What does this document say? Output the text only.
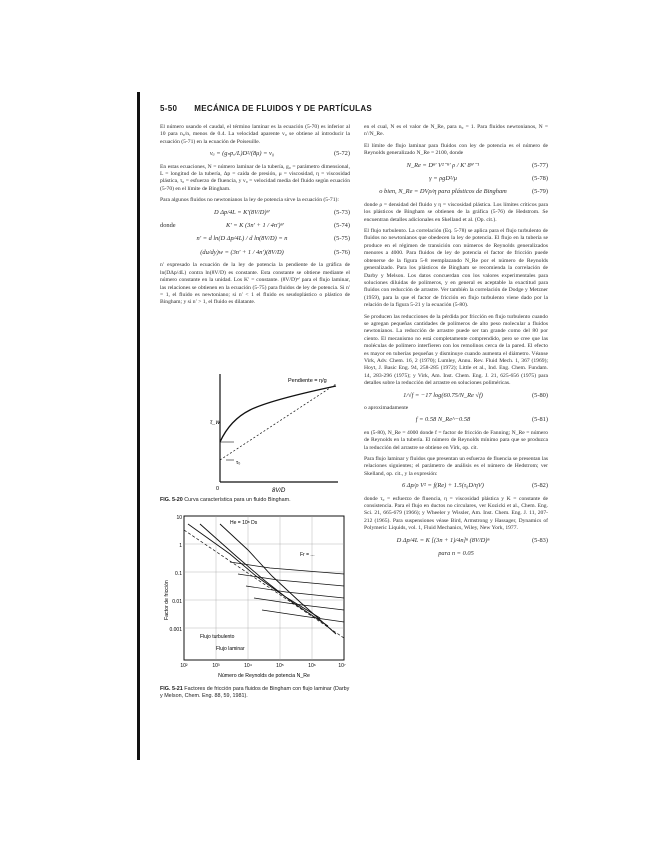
5-50 MECÁNICA DE FLUIDOS Y DE PARTÍCULAS

El número usando el caudal, el término laminar es la ecuación (5-70) es inferior al 10 para n₀/n, menos de 0.4. La velocidad aparente v₀ se obtiene al introducir la ecuación (5-71) en la ecuación de Poiseuille.

vₐ = (gₙpᵤ/L)D²/(8μ) = v₀	(5-72)

En estas ecuaciones, N = número laminar de la tubería, g₀ = parámetro dimensional, L = longitud de la tubería, Δp = caída de presión, μ = viscosidad, η = viscosidad plástica, τ₀ = esfuerzo de fluencia, y v₀ = velocidad media del fluido según ecuación (5-70) en el límite de Bingham.

Para algunos fluidos no newtonianos la ley de potencia sirve la ecuación (5-71):

D Δp/4L = K′(8V/D)ⁿ′	(5-73)
donde	K′ = K (3n′ + 1 / 4n′)ⁿ′	(5-74)
n′ = d ln(D Δp/4L) / d ln(8V/D) = n	(5-75)
(du/dy)w = (3n′ + 1 / 4n′)(8V/D)	(5-76)

n′ expresado la ecuación de la ley de potencia la pendiente de la gráfica de ln(DΔp/4L) contra ln(8V/D) es constante. Esta constante se obtiene mediante el número constante en la unidad. Los K′ = constante. (8V/D)ⁿ′ para el flujo laminar, las relaciones se obtienen en la ecuación (5-75) para fluidos de ley de potencia. Si n′ = 1, el fluido es newtoniano; si n′ < 1 el fluido es seudoplástico o plástico de Bingham; y si n′ > 1, el fluido es dilatante.

Pendiente = η/g
τ_w
8V/D
τ₀
0
FIG. 5-20 Curva característica para un fluido Bingham.
10
1
0.1
0.01
0.001
10²	10³	10⁴	10⁵	10⁶	10⁷
Factor de fricción
Número de Reynolds de potencia N_Re
He = 10⁸ Ds
Flujo turbulento
Flujo laminar
Fr = ...
FIG. 5-21 Factores de fricción para fluidos de Bingham con flujo laminar (Darby y Melson, Chem. Eng. 88, 59, 1981).

en el cual, N es el valor de N_Re, para n₀ = 1. Para fluidos newtonianos, N = n′/N_Re.

El límite de flujo laminar para fluidos con ley de potencia es el número de Reynolds generalizado N_Re = 2100, donde

N_Re = Dⁿ′ V²⁻ⁿ′ ρ / K′ 8ⁿ′⁻¹	(5-77)
γ = ρgD²/μ	(5-78)
o bien, N_Re = DVρ/η para plásticos de Bingham	(5-79)

donde ρ = densidad del fluido y η = viscosidad plástica. Los límites críticos para los plásticos de Bingham se obtienen de la gráfica (5-76) de Hedstrom. Se encuentran detalles adicionales en Skelland et al. (Op. cit.).

El flujo turbulento. La correlación (Eq. 5-78) se aplica para el flujo turbulento de fluidos no newtonianos que obedecen la ley de potencia. El flujo en la tubería se produce en el régimen de transición con números de Reynolds generalizados menores a 4000. Para fluidos de ley de potencia el factor de fricción puede obtenerse de la figura 5-8 reemplazando N_Re por el número de Reynolds generalizado. Para los plásticos de Bingham se recomienda la correlación de Darby y Melson. Los datos concuerdan con los valores experimentales para soluciones diluidas de polímeros, y en general es aceptable la exactitud para fluidos con reducción de arrastre. Ver también la correlación de Dodge y Metzner (1959), para la que el factor de fricción en flujo turbulento viene dado por la relación de la figura 5-21 y la ecuación (5-80).

Se producen las reducciones de la pérdida por fricción en flujo turbulento cuando se agregan pequeñas cantidades de polímeros de alto peso molecular a fluidos newtonianos. La reducción de arrastre puede ser tan grande como del 80 por ciento. El mecanismo no está completamente comprendido, pero se cree que las moléculas de polímero interfieren con los remolinos cerca de la pared. El efecto es mayor en tuberías pequeñas y disminuye cuando aumenta el diámetro. Véanse Virk, Adv. Chem. 16, 2 (1970); Lumley, Annu. Rev. Fluid Mech. 1, 367 (1969); Hoyt, J. Basic Eng. 94, 258-285 (1972); Little et al., Ind. Eng. Chem. Fundam. 14, 283-296 (1975); y Virk, Am. Inst. Chem. Eng. J. 21, 625-656 (1975) para detalles sobre la reducción del arrastre en soluciones poliméricas.

1/√f = −17 log(60.75/N_Re √f)	(5-80)

o aproximadamente

f = 0.58 N_Re^−0.58	(5-81)

en (5-80), N_Re = 4000 donde f = factor de fricción de Fanning; N_Re = número de Reynolds en la tubería. El número de Reynolds mínimo para que se produzca la reducción del arrastre se obtiene en Virk, op. cit.

Para flujo laminar y fluidos que presentan un esfuerzo de fluencia se presentan las relaciones siguientes; el parámetro de análisis es el número de Hedstrom; ver Skelland, op. cit., y la expresión:

6 Δp/ρ V² = f(Re) + 1.5(τ₀D/ηV)	(5-82)

donde τ₀ = esfuerzo de fluencia, η = viscosidad plástica y K = constante de consistencia. Para el flujo en ductos no circulares, ver Kozicki et al., Chem. Eng. Sci. 21, 665-679 (1966); y Wheeler y Wissler, Am. Inst. Chem. Eng. J. 11, 207-212 (1965). Para suspensiones véase Bird, Armstrong y Hassager, Dynamics of Polymeric Liquids, vol. 1, Fluid Mechanics, Wiley, New York, 1977.

D Δp/4L = K [(3n + 1)/4n]ⁿ (8V/D)ⁿ	(5-83)
para n = 0.05
